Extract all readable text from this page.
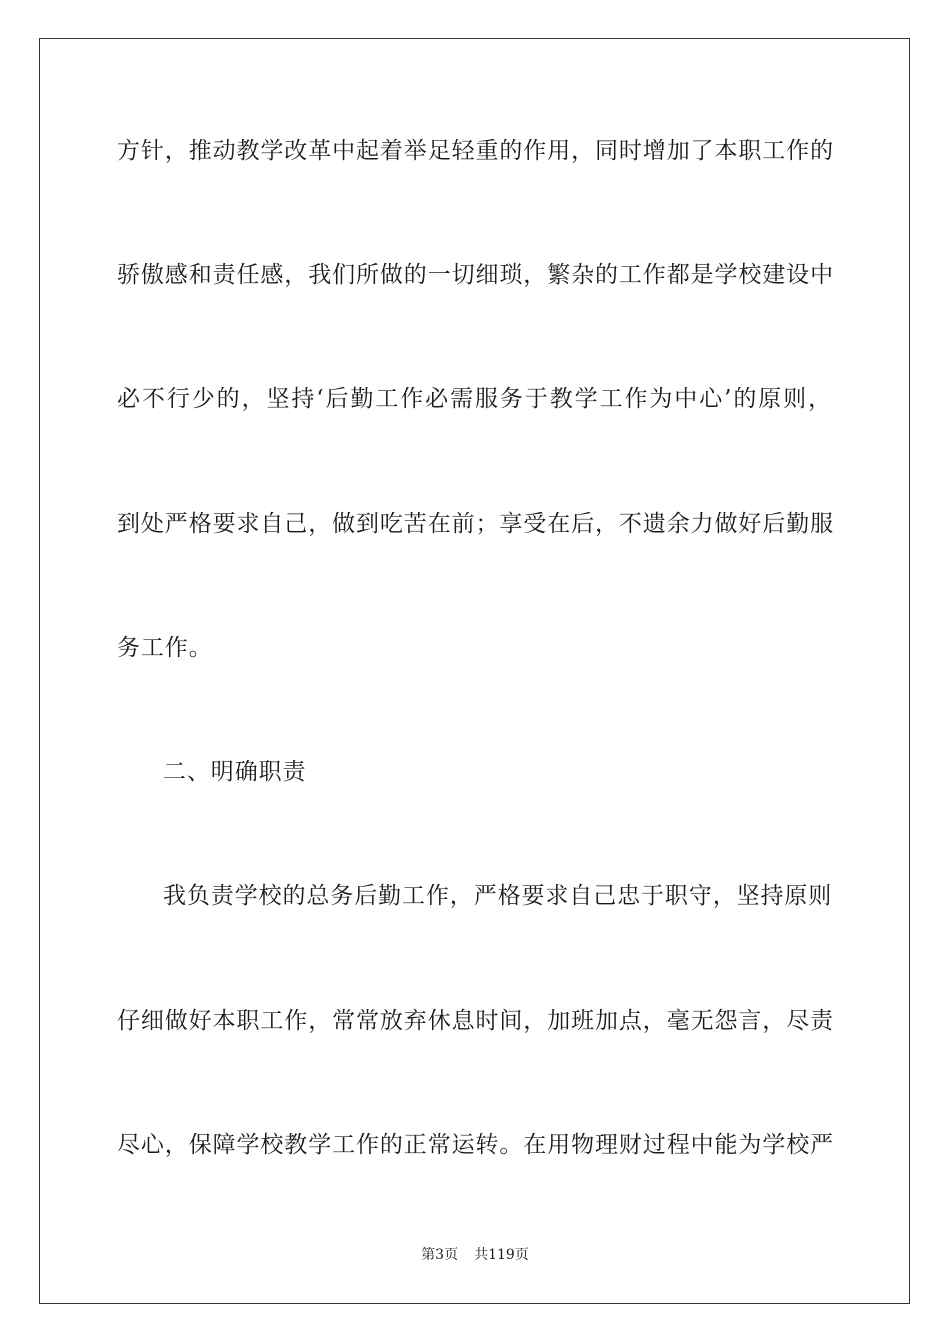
方针，推动教学改革中起着举足轻重的作用，同时增加了本职工作的
骄傲感和责任感，我们所做的一切细琐，繁杂的工作都是学校建设中
必不行少的，坚持‘后勤工作必需服务于教学工作为中心’的原则，
到处严格要求自己，做到吃苦在前；享受在后，不遗余力做好后勤服
务工作。
二、明确职责
我负责学校的总务后勤工作，严格要求自己忠于职守，坚持原则
仔细做好本职工作，常常放弃休息时间，加班加点，毫无怨言，尽责
尽心，保障学校教学工作的正常运转。在用物理财过程中能为学校严
第3页 共119页
